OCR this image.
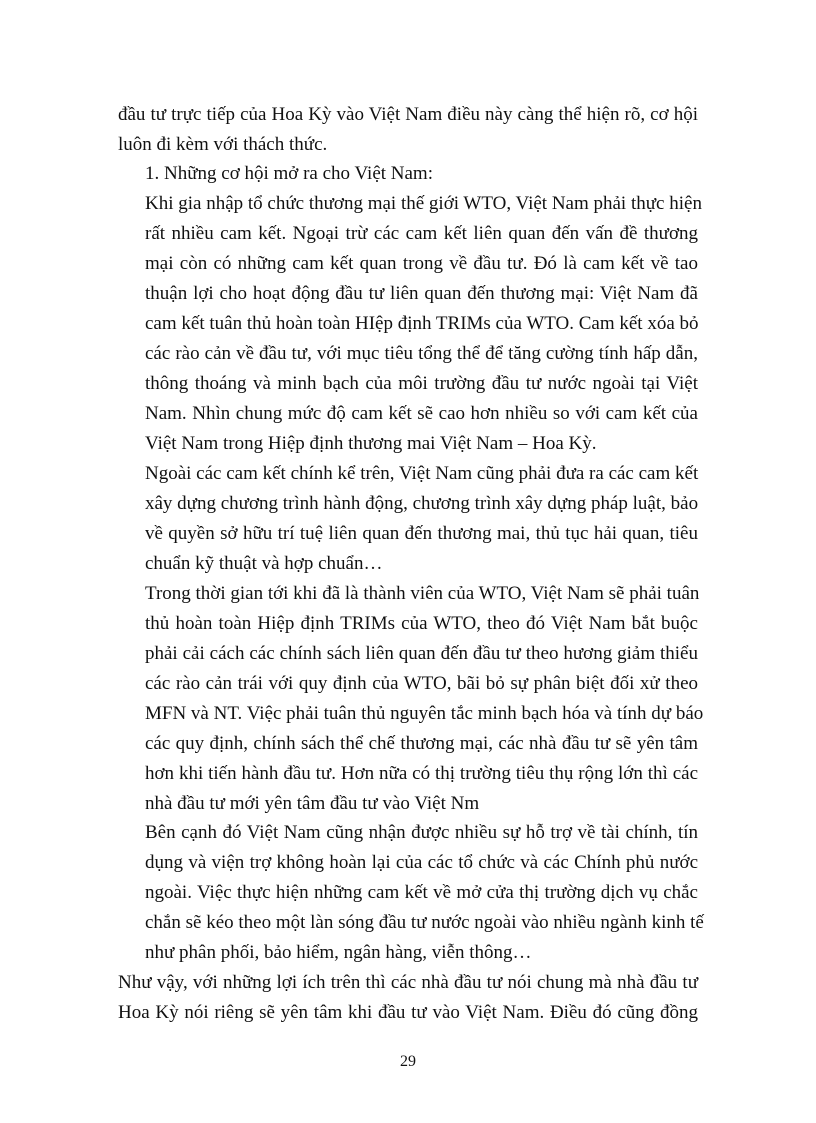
đầu tư trực tiếp của Hoa Kỳ vào Việt Nam điều này càng thể hiện rõ, cơ hội
luôn đi kèm với thách thức.
1. Những cơ hội mở ra cho Việt Nam:
Khi gia nhập tổ chức thương mại thế giới WTO, Việt Nam phải thực hiện
rất nhiều cam kết. Ngoại trừ các cam kết liên quan đến vấn đề thương
mại còn có những cam kết quan trong về đầu tư. Đó là cam kết về tao
thuận lợi cho hoạt động đầu tư liên quan đến thương mại: Việt Nam đã
cam kết tuân thủ hoàn toàn HIệp định TRIMs của WTO. Cam kết xóa bỏ
các rào cản về đầu tư, với mục tiêu tổng thể để tăng cường tính hấp dẫn,
thông thoáng và minh bạch của môi trường đầu tư nước ngoài tại Việt
Nam. Nhìn chung mức độ cam kết sẽ cao hơn nhiều so với cam kết của
Việt Nam trong Hiệp định thương mai Việt Nam – Hoa Kỳ.
Ngoài các cam kết chính kể trên, Việt Nam cũng phải đưa ra các cam kết
xây dựng chương trình hành động, chương trình xây dựng pháp luật, bảo
về quyền sở hữu trí tuệ liên quan đến thương mai, thủ tục hải quan, tiêu
chuẩn kỹ thuật và hợp chuẩn…
Trong thời gian tới khi đã là thành viên của WTO, Việt Nam sẽ phải tuân
thủ hoàn toàn Hiệp định TRIMs của WTO, theo đó Việt Nam bắt buộc
phải cải cách các chính sách liên quan đến đầu tư theo hương giảm thiểu
các rào cản trái với quy định của WTO, bãi bỏ sự phân biệt đối xử theo
MFN và NT. Việc phải tuân thủ nguyên tắc minh bạch hóa và tính dự báo
các quy định, chính sách thể chế thương mại, các nhà đầu tư sẽ yên tâm
hơn khi tiến hành đầu tư. Hơn nữa có thị trường tiêu thụ rộng lớn thì các
nhà đầu tư mới yên tâm đầu tư vào Việt Nm
Bên cạnh đó Việt Nam cũng nhận được nhiều sự hỗ trợ về tài chính, tín
dụng và viện trợ không hoàn lại của các tổ chức và các Chính phủ nước
ngoài. Việc thực hiện những cam kết về mở cửa thị trường dịch vụ chắc
chắn sẽ kéo theo một làn sóng đầu tư nước ngoài vào nhiều ngành kinh tế
như phân phối, bảo hiểm, ngân hàng, viễn thông…
Như vậy, với những lợi ích trên thì các nhà đầu tư nói chung mà nhà đầu tư
Hoa Kỳ nói riêng sẽ yên tâm khi đầu tư vào Việt Nam. Điều đó cũng đồng
29
